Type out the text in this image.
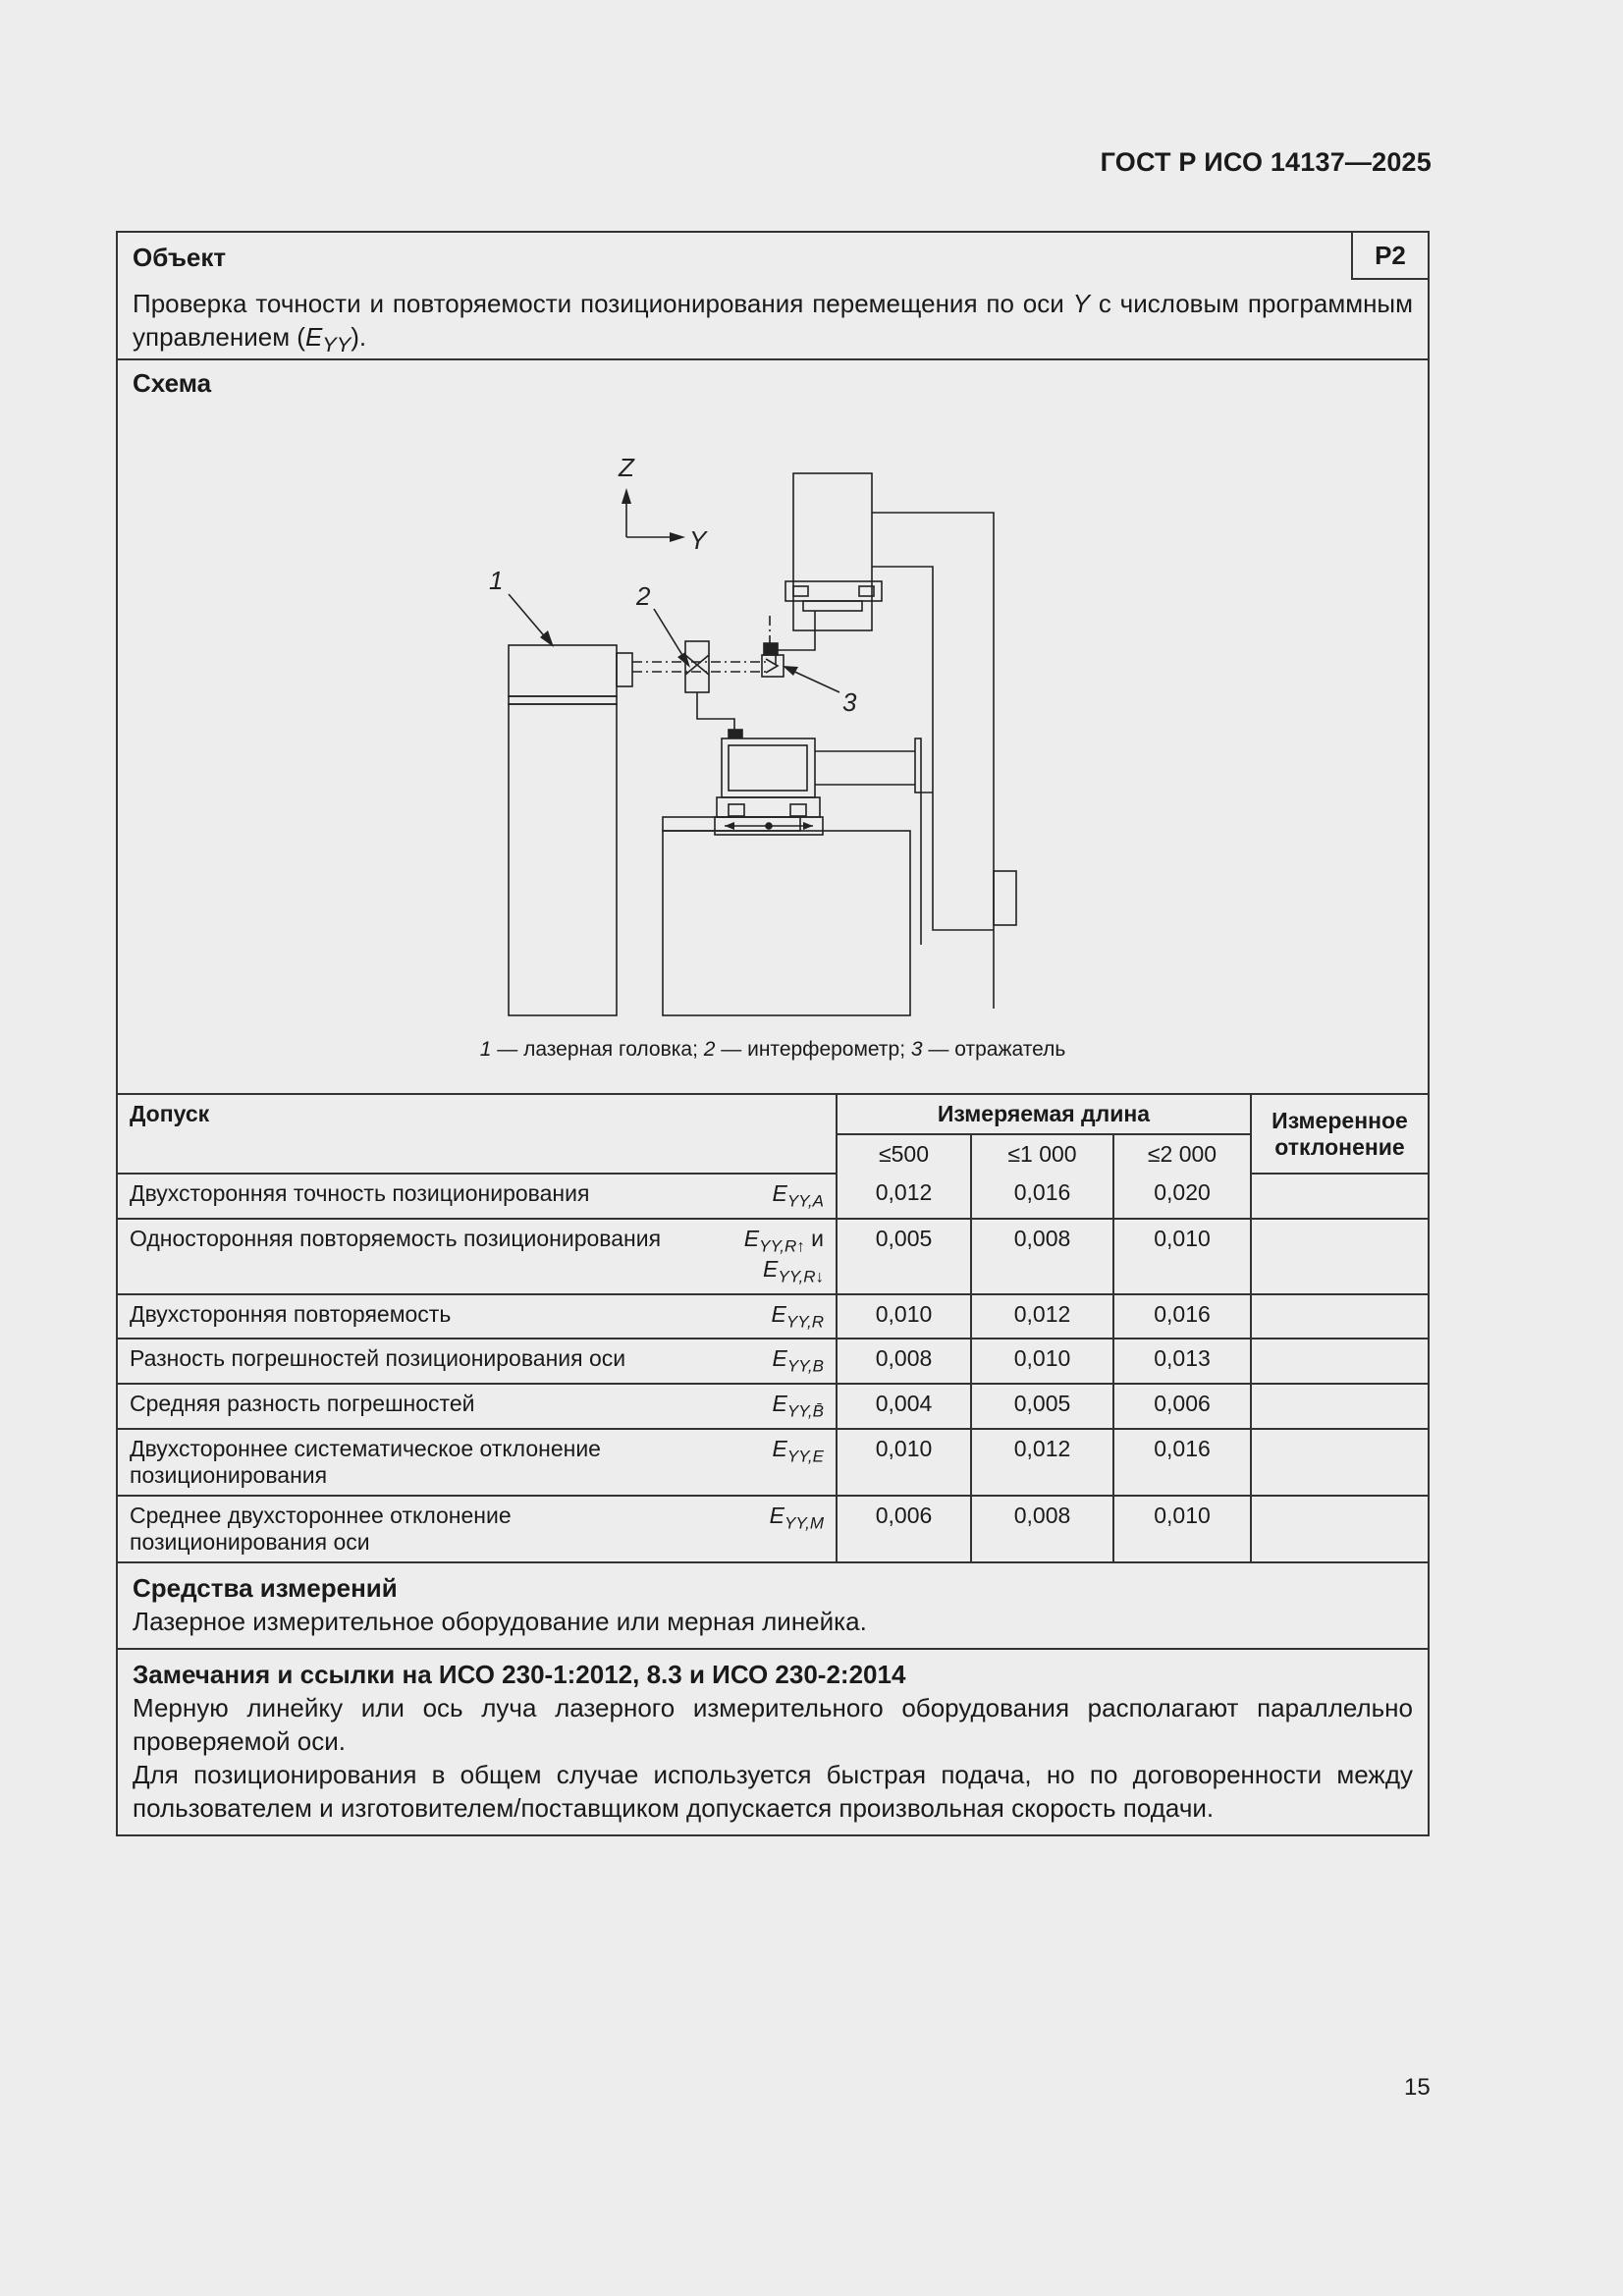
ГОСТ Р ИСО 14137—2025
Объект	Р2
Проверка точности и повторяемости позиционирования перемещения по оси Y с числовым программным управлением $(E_{YY})$.
Схема
Z
Y
1
2
3
1 — лазерная головка; 2 — интерферометр; 3 — отражатель
Допуск	Измеряемая длина			Измеренное отклонение
	≤500	≤1 000	≤2 000	

Двухсторонняя точность позиционирования $E_{YY,A}$	0,012	0,016	0,020	

Односторонняя повторяемость позиционирования $E_{YY,R↑}$ и
$E_{YY,R↓}$	0,005	0,008	0,010	

Двухсторонняя повторяемость $E_{YY,R}$	0,010	0,012	0,016	

Разность погрешностей позиционирования оси $E_{YY,B}$	0,008	0,010	0,013	

Средняя разность погрешностей $E_{YY,B̄}$	0,004	0,005	0,006	

Двухстороннее систематическое отклонение позиционирования
$E_{YY,E}$	0,010	0,012	0,016	

Среднее двухстороннее отклонение позиционирования оси
$E_{YY,M}$	0,006	0,008	0,010	
Средства измерений
Лазерное измерительное оборудование или мерная линейка.
Замечания и ссылки на ИСО 230-1:2012, 8.3 и ИСО 230-2:2014
Мерную линейку или ось луча лазерного измерительного оборудования располагают параллельно проверяемой оси.
Для позиционирования в общем случае используется быстрая подача, но по договоренности между пользователем и изготовителем/поставщиком допускается произвольная скорость подачи.
15
